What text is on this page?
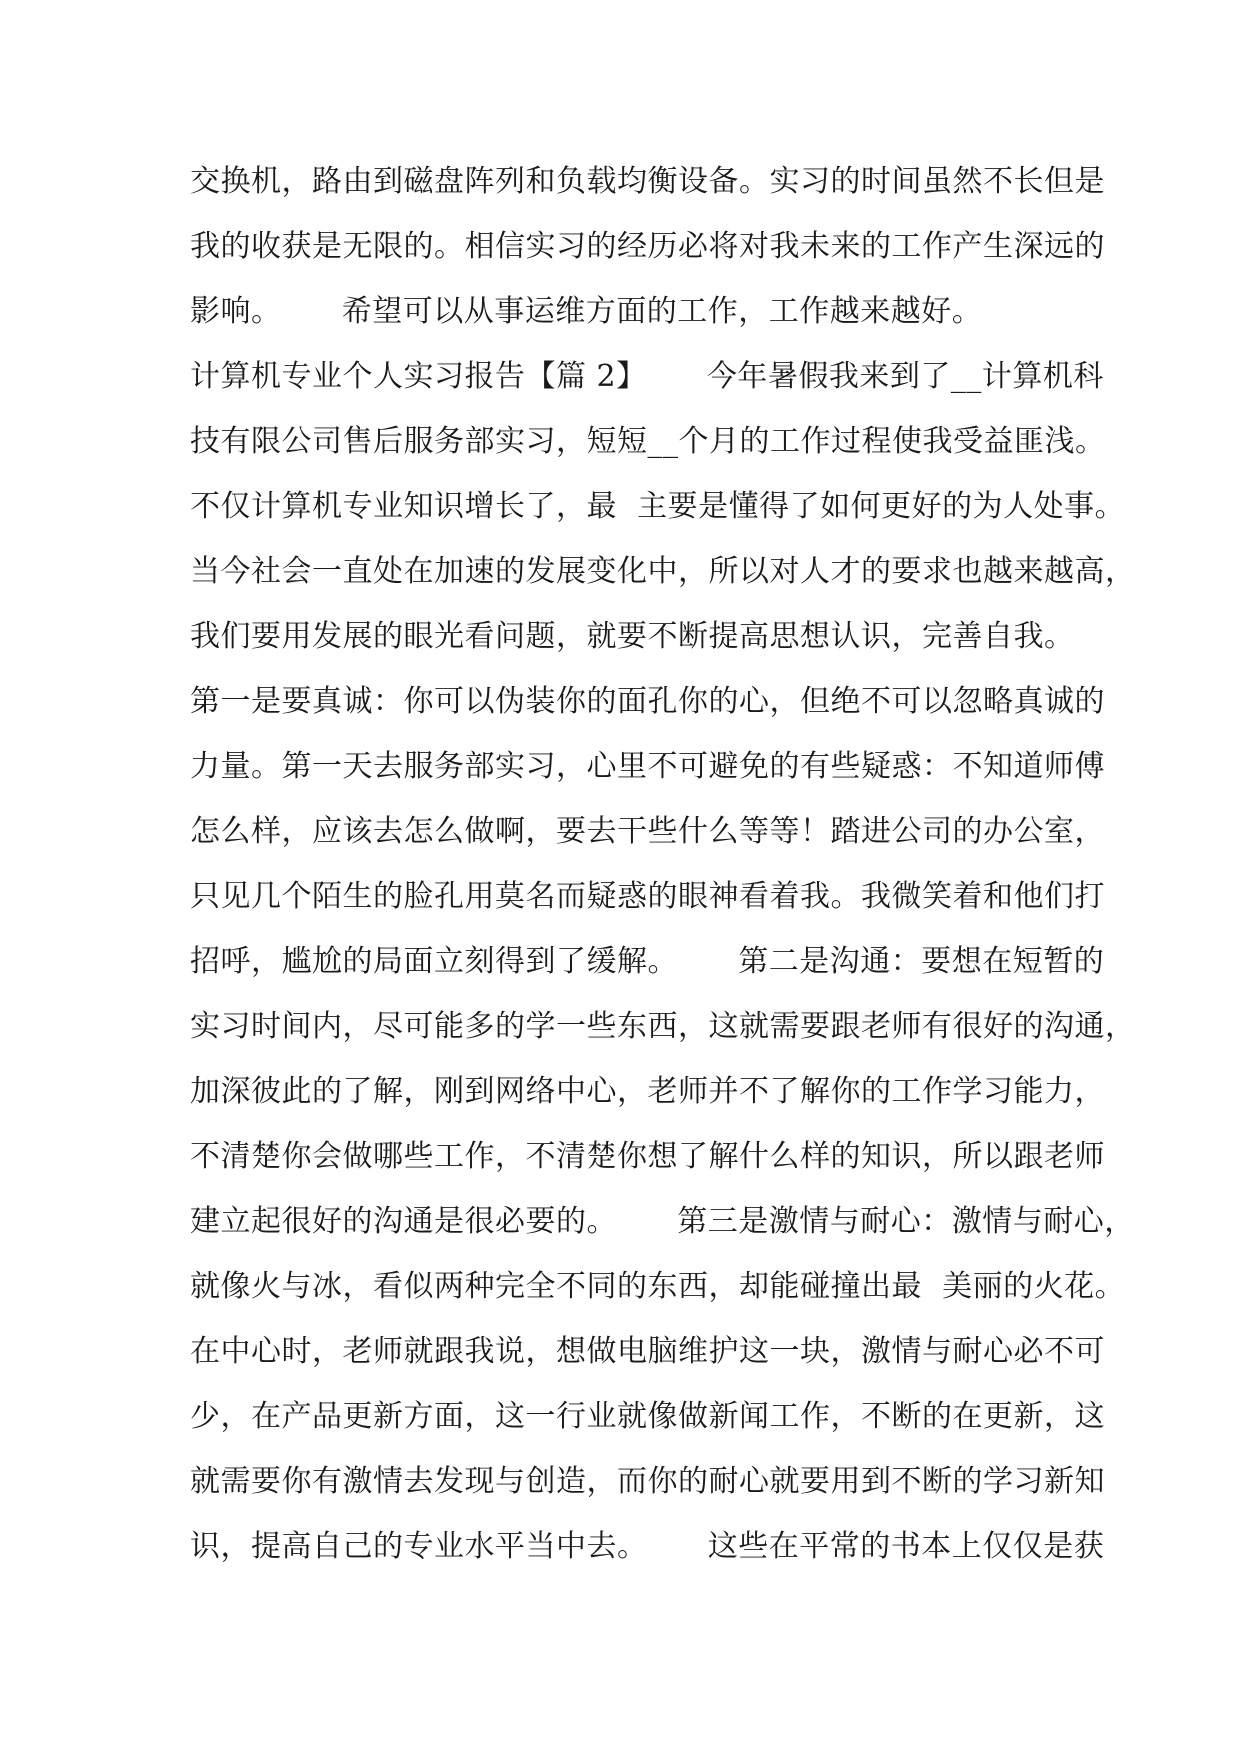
交换机，路由到磁盘阵列和负载均衡设备。实习的时间虽然不长但是
我的收获是无限的。相信实习的经历必将对我未来的工作产生深远的
影响。      希望可以从事运维方面的工作，工作越来越好。
计算机专业个人实习报告【篇 2】      今年暑假我来到了__计算机科
技有限公司售后服务部实习，短短__个月的工作过程使我受益匪浅。
不仅计算机专业知识增长了，最  主要是懂得了如何更好的为人处事。
当今社会一直处在加速的发展变化中，所以对人才的要求也越来越高，
我们要用发展的眼光看问题，就要不断提高思想认识，完善自我。
第一是要真诚：你可以伪装你的面孔你的心，但绝不可以忽略真诚的
力量。第一天去服务部实习，心里不可避免的有些疑惑：不知道师傅
怎么样，应该去怎么做啊，要去干些什么等等！踏进公司的办公室，
只见几个陌生的脸孔用莫名而疑惑的眼神看着我。我微笑着和他们打
招呼，尴尬的局面立刻得到了缓解。      第二是沟通：要想在短暂的
实习时间内，尽可能多的学一些东西，这就需要跟老师有很好的沟通，
加深彼此的了解，刚到网络中心，老师并不了解你的工作学习能力，
不清楚你会做哪些工作，不清楚你想了解什么样的知识，所以跟老师
建立起很好的沟通是很必要的。      第三是激情与耐心：激情与耐心，
就像火与冰，看似两种完全不同的东西，却能碰撞出最  美丽的火花。
在中心时，老师就跟我说，想做电脑维护这一块，激情与耐心必不可
少，在产品更新方面，这一行业就像做新闻工作，不断的在更新，这
就需要你有激情去发现与创造，而你的耐心就要用到不断的学习新知
识，提高自己的专业水平当中去。      这些在平常的书本上仅仅是获
